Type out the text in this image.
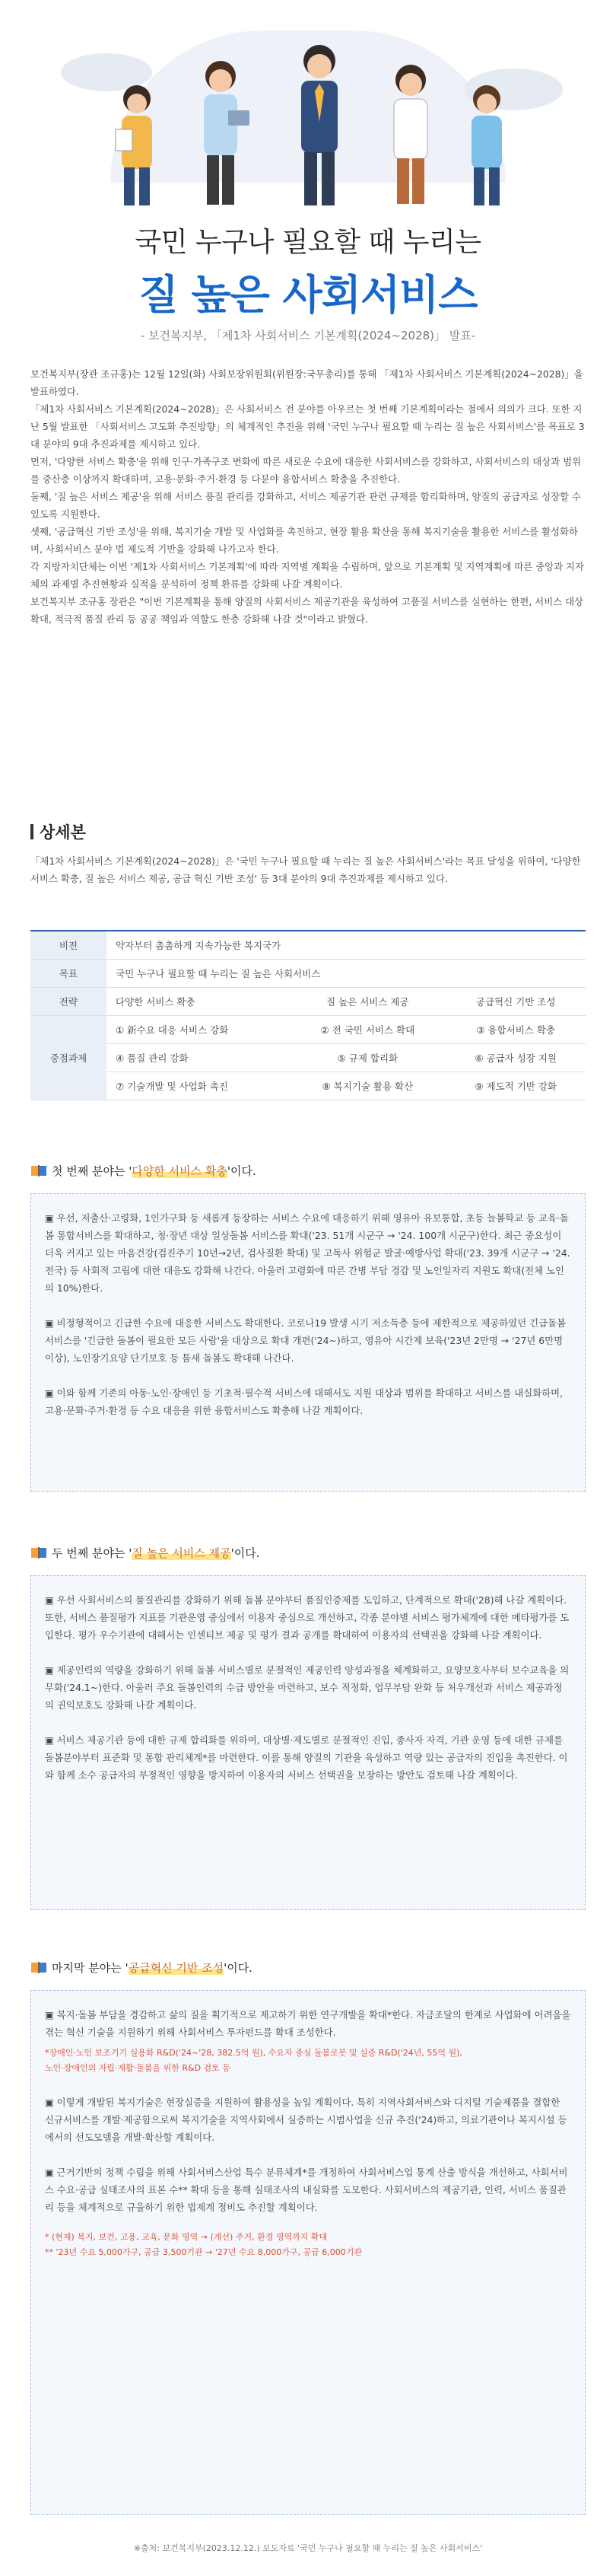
국민 누구나 필요할 때 누리는
질 높은 사회서비스
- 보건복지부, 「제1차 사회서비스 기본계획(2024~2028)」 발표-

보건복지부(장관 조규홍)는 12월 12일(화) 사회보장위원회(위원장:국무총리)를 통해 「제1차 사회서비스 기본계획(2024~2028)」을 발표하였다.

「제1차 사회서비스 기본계획(2024~2028)」은 사회서비스 전 분야를 아우르는 첫 번째 기본계획이라는 점에서 의의가 크다. 또한 지난 5월 발표한 「사회서비스 고도화 추진방향」의 체계적인 추진을 위해 '국민 누구나 필요할 때 누리는 질 높은 사회서비스'를 목표로 3대 분야의 9대 추진과제를 제시하고 있다.

먼저, '다양한 서비스 확충'을 위해 인구·가족구조 변화에 따른 새로운 수요에 대응한 사회서비스를 강화하고, 사회서비스의 대상과 범위를 중산층 이상까지 확대하며, 고용·문화·주거·환경 등 다분야 융합서비스 확충을 추진한다.

둘째, '질 높은 서비스 제공'을 위해 서비스 품질 관리를 강화하고, 서비스 제공기관 관련 규제를 합리화하며, 양질의 공급자로 성장할 수 있도록 지원한다.

셋째, '공급혁신 기반 조성'을 위해, 복지기술 개발 및 사업화를 촉진하고, 현장 활용 확산을 통해 복지기술을 활용한 서비스를 활성화하며, 사회서비스 분야 법 제도적 기반을 강화해 나가고자 한다.

각 지방자치단체는 이번 '제1차 사회서비스 기본계획'에 따라 지역별 계획을 수립하며, 앞으로 기본계획 및 지역계획에 따른 중앙과 지자체의 과제별 추진현황과 실적을 분석하여 정책 환류를 강화해 나갈 계획이다.

보건복지부 조규홍 장관은 "이번 기본계획을 통해 양질의 사회서비스 제공기관을 육성하여 고품질 서비스를 실현하는 한편, 서비스 대상 확대, 적극적 품질 관리 등 공공 책임과 역할도 한층 강화해 나갈 것"이라고 밝혔다.

상세본
「제1차 사회서비스 기본계획(2024~2028)」은 '국민 누구나 필요할 때 누리는 질 높은 사회서비스'라는 목표 달성을 위하여, '다양한 서비스 확충, 질 높은 서비스 제공, 공급 혁신 기반 조성' 등 3대 분야의 9대 추진과제를 제시하고 있다.
비전	약자부터 촘촘하게 지속가능한 복지국가		
목표	국민 누구나 필요할 때 누리는 질 높은 사회서비스		
전략	다양한 서비스 확충	질 높은 서비스 제공	공급혁신 기반 조성
중점과제	① 新수요 대응 서비스 강화	② 전 국민 서비스 확대	③ 융합서비스 확충
	④ 품질 관리 강화	⑤ 규제 합리화	⑥ 공급자 성장 지원
	⑦ 기술개발 및 사업화 촉진	⑧ 복지기술 활용 확산	⑨ 제도적 기반 강화
첫 번째 분야는 '다양한 서비스 확충'이다.

▣ 우선, 저출산·고령화, 1인가구화 등 새롭게 등장하는 서비스 수요에 대응하기 위해 영유아 유보통합, 초등 늘봄학교 등 교육·돌봄 통합서비스를 확대하고, 청·장년 대상 일상돌봄 서비스를 확대('23. 51개 시군구 → '24. 100개 시군구)한다. 최근 중요성이 더욱 커지고 있는 마음건강(검진주기 10년→2년, 검사질환 확대) 및 고독사 위험군 발굴·예방사업 확대('23. 39개 시군구 → '24. 전국) 등 사회적 고립에 대한 대응도 강화해 나간다. 아울러 고령화에 따른 간병 부담 경감 및 노인일자리 지원도 확대(전체 노인의 10%)한다.

▣ 비정형적이고 긴급한 수요에 대응한 서비스도 확대한다. 코로나19 발생 시기 저소득층 등에 제한적으로 제공하였던 긴급돌봄 서비스를 '긴급한 돌봄이 필요한 모든 사람'을 대상으로 확대 개편('24~)하고, 영유아 시간제 보육('23년 2만명 → '27년 6만명 이상), 노인장기요양 단기보호 등 틈새 돌봄도 확대해 나간다.

▣ 이와 함께 기존의 아동·노인·장애인 등 기초적·필수적 서비스에 대해서도 지원 대상과 범위를 확대하고 서비스를 내실화하며, 고용·문화·주거·환경 등 수요 대응을 위한 융합서비스도 확충해 나갈 계획이다.

두 번째 분야는 '질 높은 서비스 제공'이다.

▣ 우선 사회서비스의 품질관리를 강화하기 위해 돌봄 분야부터 품질인증제를 도입하고, 단계적으로 확대('28)해 나갈 계획이다. 또한, 서비스 품질평가 지표를 기관운영 중심에서 이용자 중심으로 개선하고, 각종 분야별 서비스 평가체계에 대한 메타평가를 도입한다. 평가 우수기관에 대해서는 인센티브 제공 및 평가 결과 공개를 확대하여 이용자의 선택권을 강화해 나갈 계획이다.

▣ 제공인력의 역량을 강화하기 위해 돌봄 서비스별로 분절적인 제공인력 양성과정을 체계화하고, 요양보호사부터 보수교육을 의무화('24.1~)한다. 아울러 주요 돌봄인력의 수급 방안을 마련하고, 보수 적정화, 업무부담 완화 등 처우개선과 서비스 제공과정의 권익보호도 강화해 나갈 계획이다.

▣ 서비스 제공기관 등에 대한 규제 합리화를 위하여, 대상별·제도별로 분절적인 진입, 종사자 자격, 기관 운영 등에 대한 규제를 돌봄분야부터 표준화 및 통합 관리체계*를 마련한다. 이를 통해 양질의 기관을 육성하고 역량 있는 공급자의 진입을 촉진한다. 이와 함께 소수 공급자의 부정적인 영향을 방지하여 이용자의 서비스 선택권을 보장하는 방안도 검토해 나갈 계획이다.

마지막 분야는 '공급혁신 기반 조성'이다.

▣ 복지·돌봄 부담을 경감하고 삶의 질을 획기적으로 제고하기 위한 연구개발을 확대*한다. 자금조달의 한계로 사업화에 어려움을 겪는 혁신 기술을 지원하기 위해 사회서비스 투자펀드를 확대 조성한다.

*장애인·노인 보조기기 실용화 R&D('24~'28, 382.5억 원), 수요자 중심 돌봄로봇 및 실증 R&D('24년, 55억 원),
노인·장애인의 자립·재활·돌봄을 위한 R&D 검토 등

▣ 이렇게 개발된 복지기술은 현장실증을 지원하여 활용성을 높일 계획이다. 특히 지역사회서비스와 디지털 기술제품을 결합한 신규서비스를 개발·제공함으로써 복지기술을 지역사회에서 실증하는 시범사업을 신규 추진('24)하고, 의료기관이나 복지시설 등에서의 선도모델을 개발·확산할 계획이다.

▣ 근거기반의 정책 수립을 위해 사회서비스산업 특수 분류체계*를 개정하여 사회서비스업 통계 산출 방식을 개선하고, 사회서비스 수요·공급 실태조사의 표본 수** 확대 등을 통해 실태조사의 내실화를 도모한다. 사회서비스의 제공기관, 인력, 서비스 품질관리 등을 체계적으로 규율하기 위한 법제계 정비도 추진할 계획이다.

* (현재) 복지, 보건, 고용, 교육, 문화 영역 → (개선) 주거, 환경 영역까지 확대
** '23년 수요 5,000가구, 공급 3,500기관 → '27년 수요 8,000가구, 공급 6,000기관
※출처: 보건복지부(2023.12.12.) 보도자료 '국민 누구나 필요할 때 누리는 질 높은 사회서비스'
